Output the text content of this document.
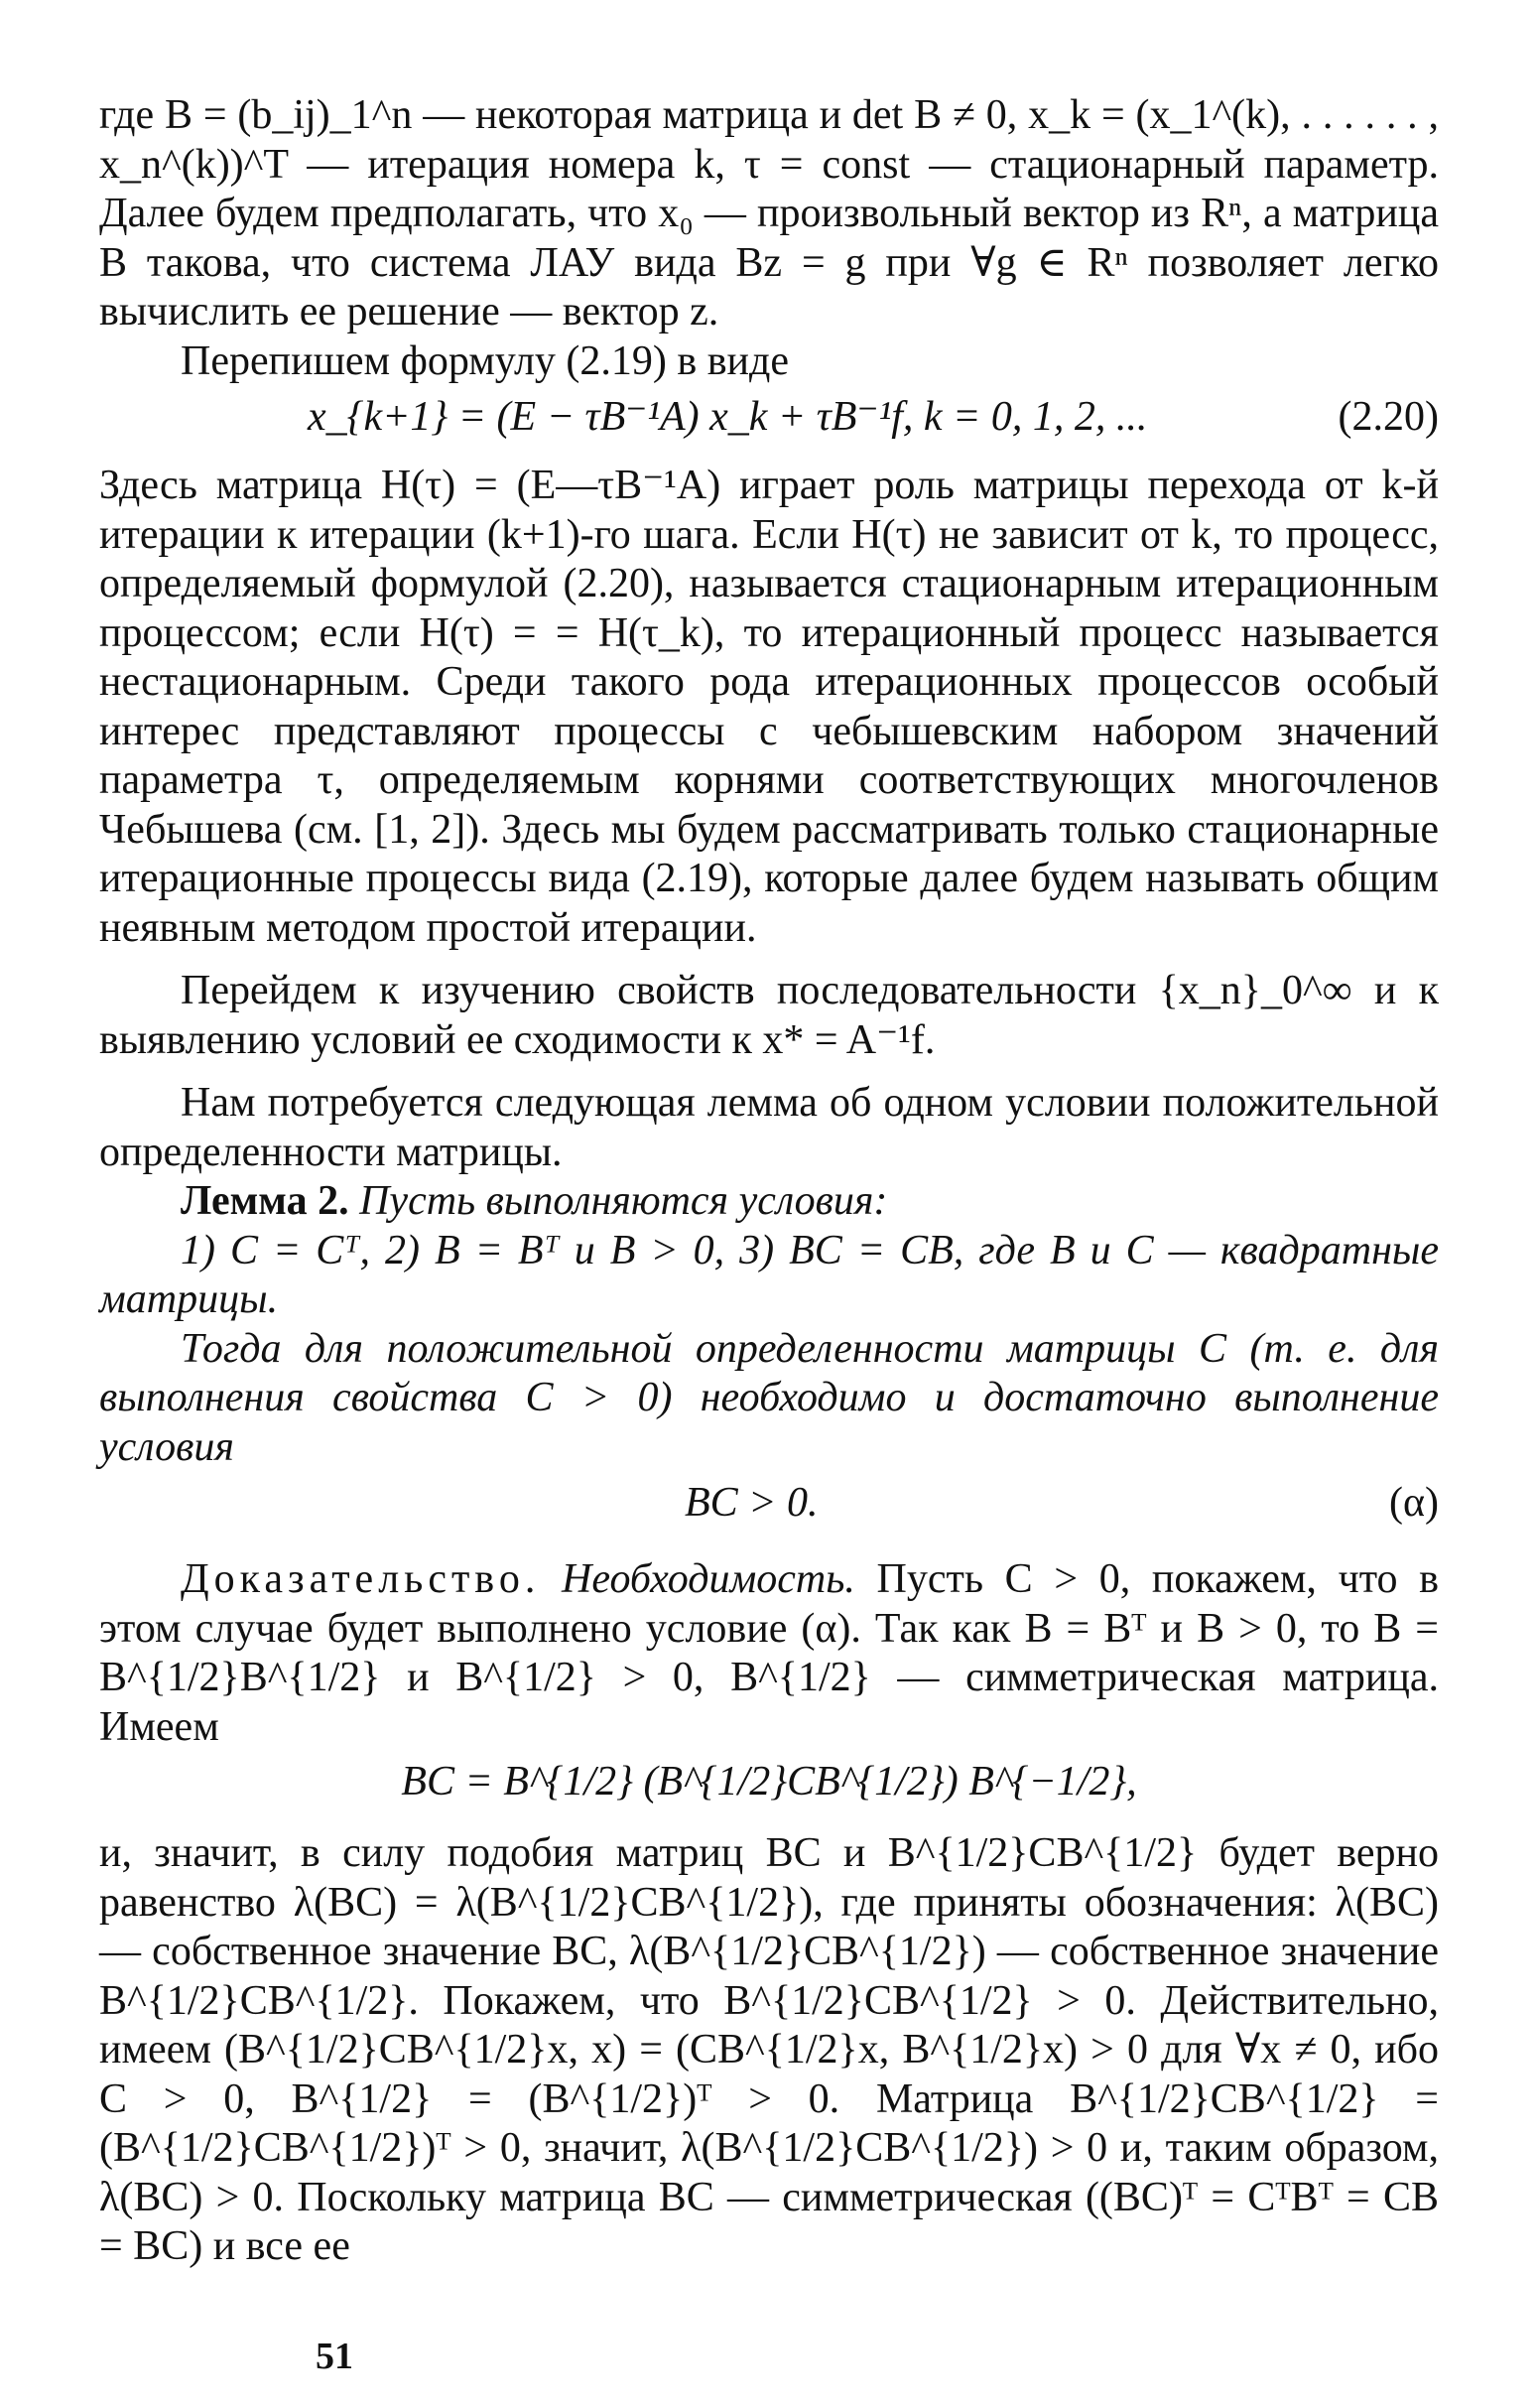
где B = (b_ij)_1^n — некоторая матрица и det B ≠ 0, x_k = (x_1^(k), . . . . . . , x_n^(k))^T — итерация номера k, τ = const — стационарный параметр. Далее будем предполагать, что x₀ — произвольный вектор из Rⁿ, а матрица B такова, что система ЛАУ вида Bz = g при ∀g ∈ Rⁿ позволяет легко вычислить ее решение — вектор z.

Перепишем формулу (2.19) в виде

x_{k+1} = (E − τB⁻¹A) x_k + τB⁻¹f, k = 0, 1, 2, ...	(2.20)

Здесь матрица H(τ) = (E—τB⁻¹A) играет роль матрицы перехода от k-й итерации к итерации (k+1)-го шага. Если H(τ) не зависит от k, то процесс, определяемый формулой (2.20), называется стационарным итерационным процессом; если H(τ) = = H(τ_k), то итерационный процесс называется нестационарным. Среди такого рода итерационных процессов особый интерес представляют процессы с чебышевским набором значений параметра τ, определяемым корнями соответствующих многочленов Чебышева (см. [1, 2]). Здесь мы будем рассматривать только стационарные итерационные процессы вида (2.19), которые далее будем называть общим неявным методом простой итерации.

Перейдем к изучению свойств последовательности {x_n}_0^∞ и к выявлению условий ее сходимости к x* = A⁻¹f.

Нам потребуется следующая лемма об одном условии положительной определенности матрицы.

Лемма 2. Пусть выполняются условия:

1) C = Cᵀ, 2) B = Bᵀ и B > 0, 3) BC = CB, где B и C — квадратные матрицы.

Тогда для положительной определенности матрицы C (т. е. для выполнения свойства C > 0) необходимо и достаточно выполнение условия

BC > 0.	(α)

Доказательство. Необходимость. Пусть C > 0, покажем, что в этом случае будет выполнено условие (α). Так как B = Bᵀ и B > 0, то B = B^{1/2}B^{1/2} и B^{1/2} > 0, B^{1/2} — симметрическая матрица. Имеем

BC = B^{1/2} (B^{1/2}CB^{1/2}) B^{−1/2},

и, значит, в силу подобия матриц BC и B^{1/2}CB^{1/2} будет верно равенство λ(BC) = λ(B^{1/2}CB^{1/2}), где приняты обозначения: λ(BC) — собственное значение BC, λ(B^{1/2}CB^{1/2}) — собственное значение B^{1/2}CB^{1/2}. Покажем, что B^{1/2}CB^{1/2} > 0. Действительно, имеем (B^{1/2}CB^{1/2}x, x) = (CB^{1/2}x, B^{1/2}x) > 0 для ∀x ≠ 0, ибо C > 0, B^{1/2} = (B^{1/2})ᵀ > 0. Матрица B^{1/2}CB^{1/2} = (B^{1/2}CB^{1/2})ᵀ > 0, значит, λ(B^{1/2}CB^{1/2}) > 0 и, таким образом, λ(BC) > 0. Поскольку матрица BC — симметрическая ((BC)ᵀ = CᵀBᵀ = CB = BC) и все ее

51
